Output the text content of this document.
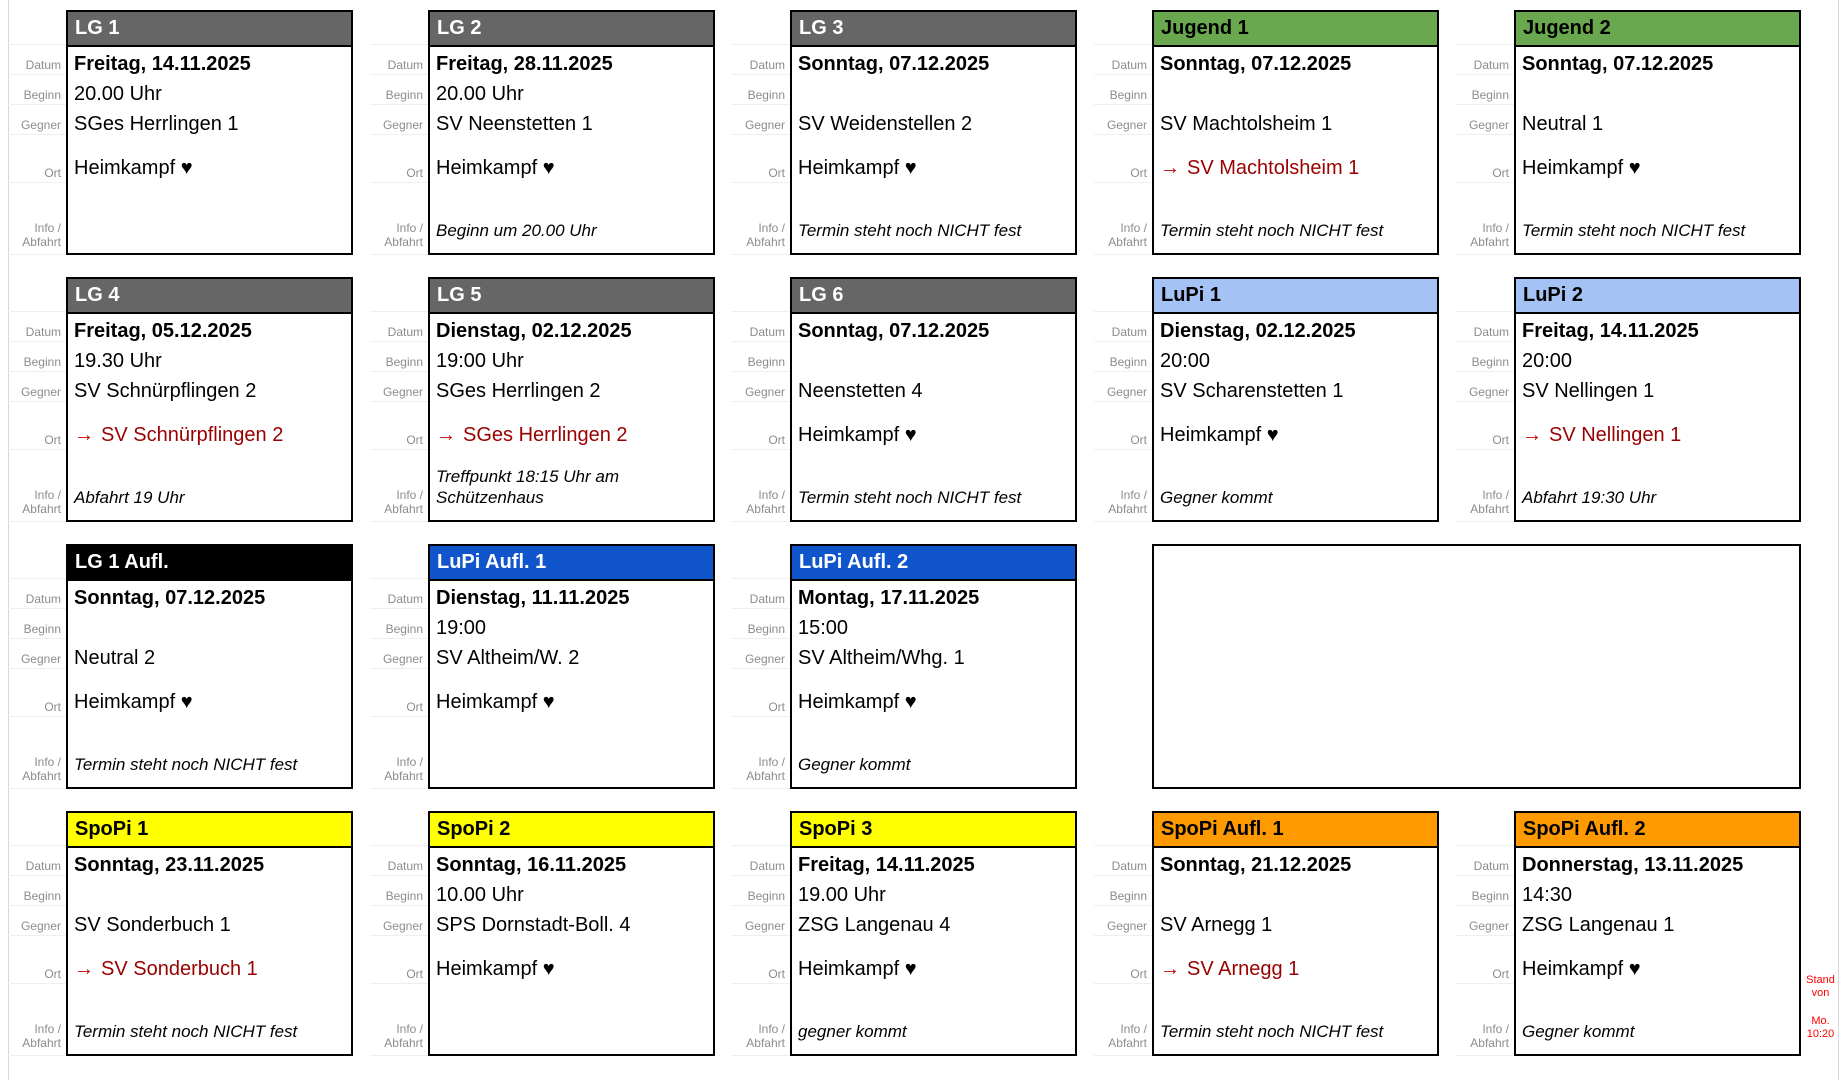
Datum
Beginn
Gegner
Ort
Info /
Abfahrt
LG 1
Freitag, 14.11.2025
20.00 Uhr
SGes Herrlingen 1
Heimkampf ♥
Datum
Beginn
Gegner
Ort
Info /
Abfahrt
LG 2
Freitag, 28.11.2025
20.00 Uhr
SV Neenstetten 1
Heimkampf ♥
Beginn um 20.00 Uhr
Datum
Beginn
Gegner
Ort
Info /
Abfahrt
LG 3
Sonntag, 07.12.2025
SV Weidenstellen 2
Heimkampf ♥
Termin steht noch NICHT fest
Datum
Beginn
Gegner
Ort
Info /
Abfahrt
Jugend 1
Sonntag, 07.12.2025
SV Machtolsheim 1
→ SV Machtolsheim 1
Termin steht noch NICHT fest
Datum
Beginn
Gegner
Ort
Info /
Abfahrt
Jugend 2
Sonntag, 07.12.2025
Neutral 1
Heimkampf ♥
Termin steht noch NICHT fest
Datum
Beginn
Gegner
Ort
Info /
Abfahrt
LG 4
Freitag, 05.12.2025
19.30 Uhr
SV Schnürpflingen 2
→ SV Schnürpflingen 2
Abfahrt 19 Uhr
Datum
Beginn
Gegner
Ort
Info /
Abfahrt
LG 5
Dienstag, 02.12.2025
19:00 Uhr
SGes Herrlingen 2
→ SGes Herrlingen 2
Treffpunkt 18:15 Uhr am Schützenhaus
Datum
Beginn
Gegner
Ort
Info /
Abfahrt
LG 6
Sonntag, 07.12.2025
Neenstetten 4
Heimkampf ♥
Termin steht noch NICHT fest
Datum
Beginn
Gegner
Ort
Info /
Abfahrt
LuPi 1
Dienstag, 02.12.2025
20:00
SV Scharenstetten 1
Heimkampf ♥
Gegner kommt
Datum
Beginn
Gegner
Ort
Info /
Abfahrt
LuPi 2
Freitag, 14.11.2025
20:00
SV Nellingen 1
→ SV Nellingen 1
Abfahrt 19:30 Uhr
Datum
Beginn
Gegner
Ort
Info /
Abfahrt
LG 1 Aufl.
Sonntag, 07.12.2025
Neutral 2
Heimkampf ♥
Termin steht noch NICHT fest
Datum
Beginn
Gegner
Ort
Info /
Abfahrt
LuPi Aufl. 1
Dienstag, 11.11.2025
19:00
SV Altheim/W. 2
Heimkampf ♥
Datum
Beginn
Gegner
Ort
Info /
Abfahrt
LuPi Aufl. 2
Montag, 17.11.2025
15:00
SV Altheim/Whg. 1
Heimkampf ♥
Gegner kommt
Datum
Beginn
Gegner
Ort
Info /
Abfahrt
SpoPi 1
Sonntag, 23.11.2025
SV Sonderbuch 1
→ SV Sonderbuch 1
Termin steht noch NICHT fest
Datum
Beginn
Gegner
Ort
Info /
Abfahrt
SpoPi 2
Sonntag, 16.11.2025
10.00 Uhr
SPS Dornstadt-Boll. 4
Heimkampf ♥
Datum
Beginn
Gegner
Ort
Info /
Abfahrt
SpoPi 3
Freitag, 14.11.2025
19.00 Uhr
ZSG Langenau 4
Heimkampf ♥
gegner kommt
Datum
Beginn
Gegner
Ort
Info /
Abfahrt
SpoPi Aufl. 1
Sonntag, 21.12.2025
SV Arnegg 1
→ SV Arnegg 1
Termin steht noch NICHT fest
Datum
Beginn
Gegner
Ort
Info /
Abfahrt
SpoPi Aufl. 2
Donnerstag, 13.11.2025
14:30
ZSG Langenau 1
Heimkampf ♥
Gegner kommt
Stand von
Mo. 10:20
